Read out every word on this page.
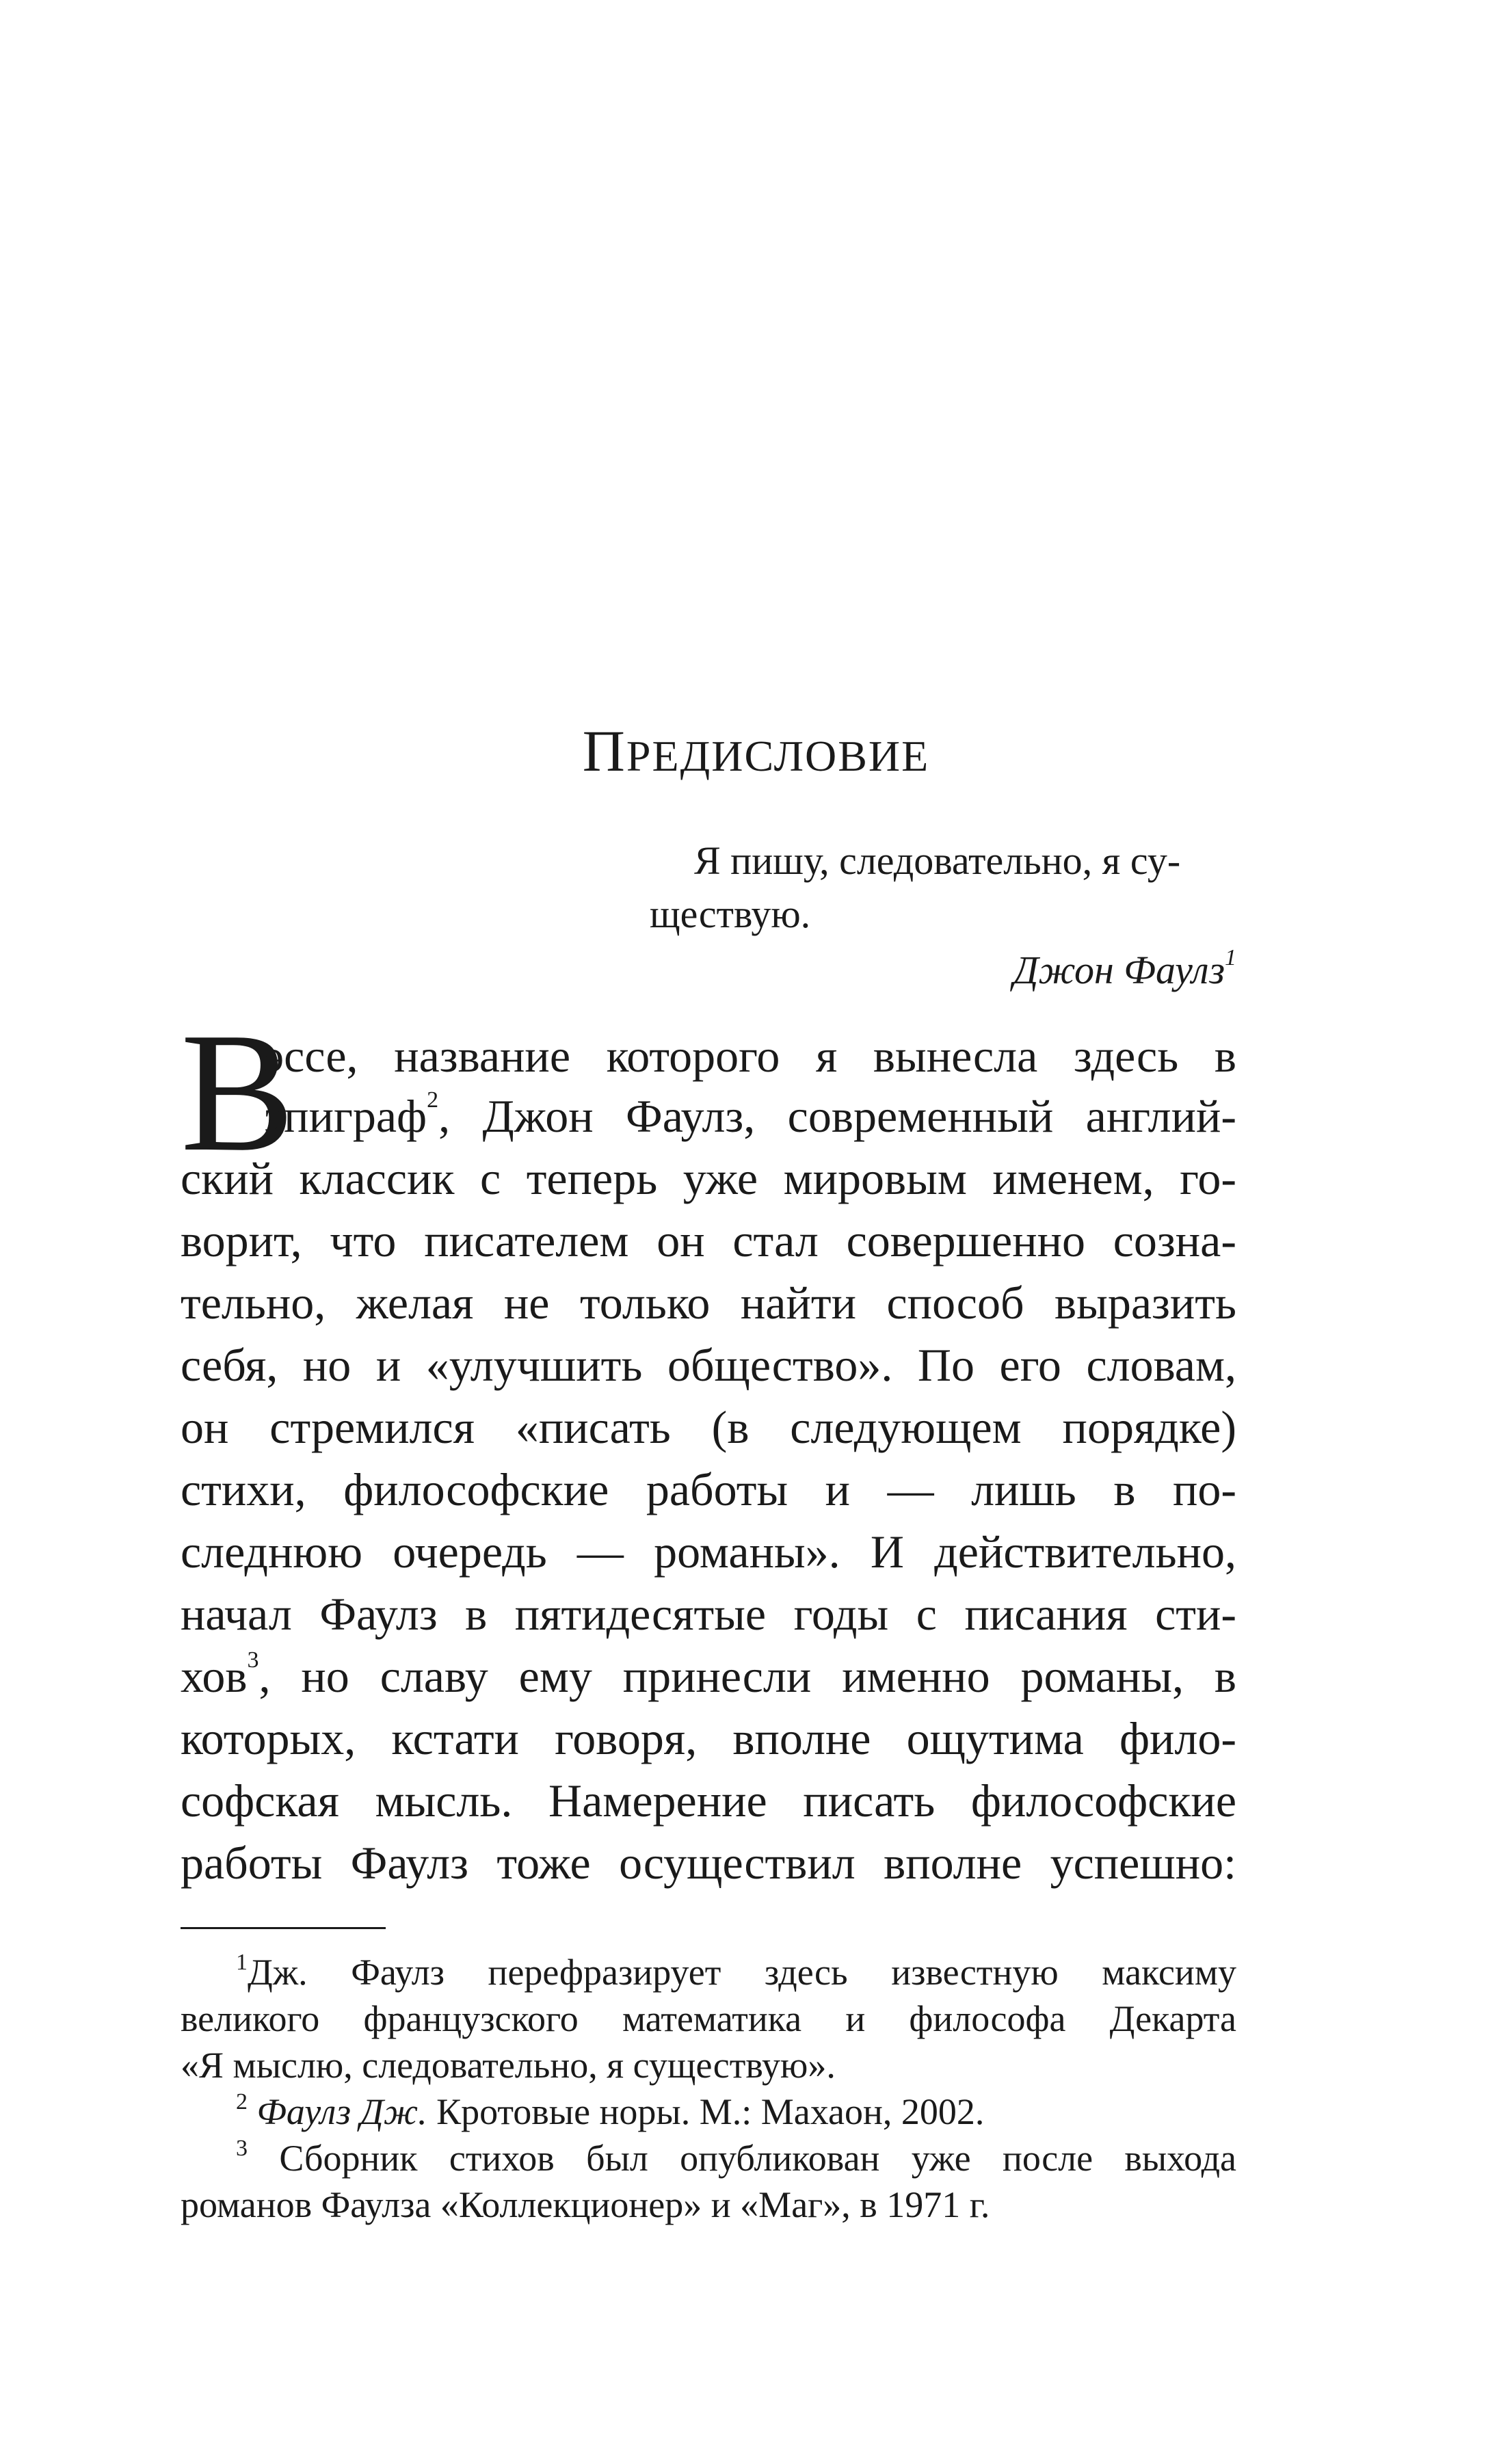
ПРЕДИСЛОВИЕ
Я пишу, следовательно, я су-
ществую.
Джон Фаулз$^1$
В
эссе, название которого я вынесла здесь в
эпиграф$^2$, Джон Фаулз, современный англий-
ский классик с теперь уже мировым именем, го-
ворит, что писателем он стал совершенно созна-
тельно, желая не только найти способ выразить
себя, но и «улучшить общество». По его словам,
он стремился «писать (в следующем порядке)
стихи, философские работы и — лишь в по-
следнюю очередь — романы». И действительно,
начал Фаулз в пятидесятые годы с писания сти-
хов$^3$, но славу ему принесли именно романы, в
которых, кстати говоря, вполне ощутима фило-
софская мысль. Намерение писать философские
работы Фаулз тоже осуществил вполне успешно:
$^1$Дж. Фаулз перефразирует здесь известную максиму
великого французского математика и философа Декарта
«Я мыслю, следовательно, я существую».
$^2$ Фаулз Дж. Кротовые норы. М.: Махаон, 2002.
$^3$ Сборник стихов был опубликован уже после выхода
романов Фаулза «Коллекционер» и «Маг», в 1971 г.
